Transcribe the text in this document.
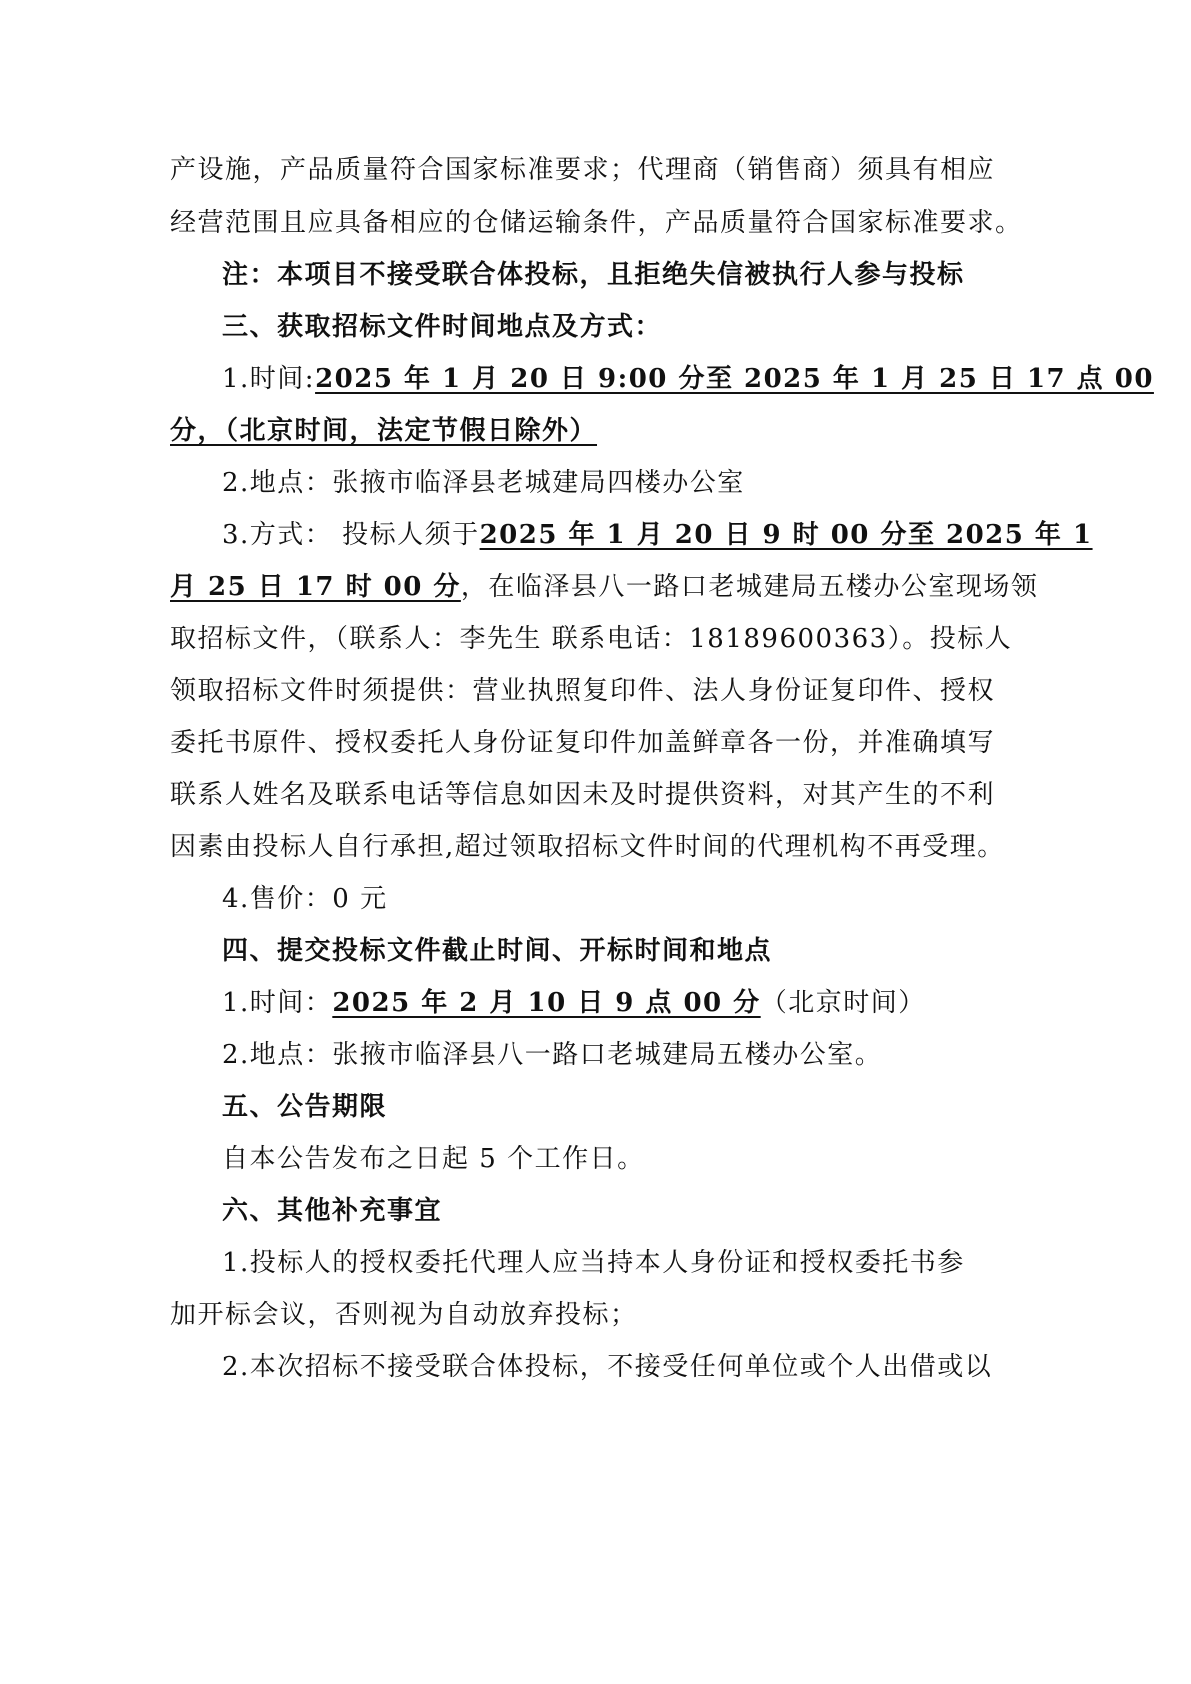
产设施，产品质量符合国家标准要求；代理商（销售商）须具有相应
经营范围且应具备相应的仓储运输条件，产品质量符合国家标准要求。
注：本项目不接受联合体投标，且拒绝失信被执行人参与投标
三、获取招标文件时间地点及方式：
1.时间:2025 年 1 月 20 日 9:00 分至 2025 年 1 月 25 日 17 点 00
分，（北京时间，法定节假日除外）
2.地点：张掖市临泽县老城建局四楼办公室
3.方式： 投标人须于2025 年 1 月 20 日 9 时 00 分至 2025 年 1
月 25 日 17 时 00 分，在临泽县八一路口老城建局五楼办公室现场领
取招标文件，（联系人：李先生 联系电话：18189600363）。投标人
领取招标文件时须提供：营业执照复印件、法人身份证复印件、授权
委托书原件、授权委托人身份证复印件加盖鲜章各一份，并准确填写
联系人姓名及联系电话等信息如因未及时提供资料，对其产生的不利
因素由投标人自行承担,超过领取招标文件时间的代理机构不再受理。
4.售价：0 元
四、提交投标文件截止时间、开标时间和地点
1.时间：2025 年 2 月 10 日 9 点 00 分（北京时间）
2.地点：张掖市临泽县八一路口老城建局五楼办公室。
五、公告期限
自本公告发布之日起 5 个工作日。
六、其他补充事宜
1.投标人的授权委托代理人应当持本人身份证和授权委托书参
加开标会议，否则视为自动放弃投标；
2.本次招标不接受联合体投标，不接受任何单位或个人出借或以
